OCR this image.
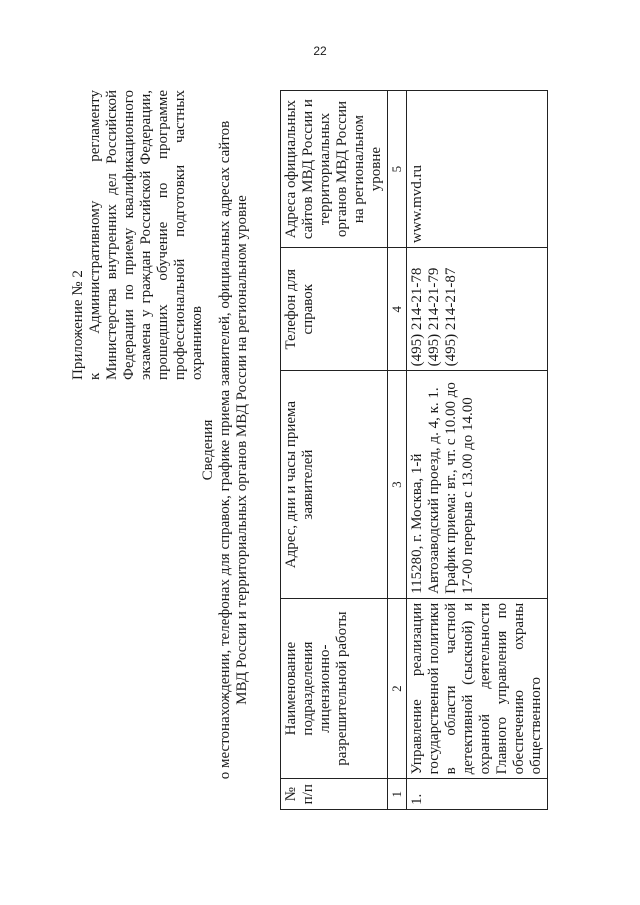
22
Приложение № 2 к Административному регламенту Министерства внутренних дел Российской Федерации по приему квалификационного экзамена у граждан Российской Федерации, прошедших обучение по программе профессиональной подготовки частных охранников
Сведения о местонахождении, телефонах для справок, графике приема заявителей, официальных адресах сайтов МВД России и территориальных органов МВД России на региональном уровне
№ п/п	Наименование подразделения лицензионно-разрешительной работы	Адрес, дни и часы приема заявителей	Телефон для справок	Адреса официальных сайтов МВД России и территориальных органов МВД России на региональном уровне
1	2	3	4	5
1.	Управление реализации государственной политики в области частной детективной (сыскной) и охранной деятельности Главного управления по обеспечению охраны общественного	115280, г. Москва, 1-й Автозаводский проезд, д. 4, к. 1. График приема: вт., чт. с 10.00 до 17-00 перерыв с 13.00 до 14.00	(495) 214-21-78 (495) 214-21-79 (495) 214-21-87	www.mvd.ru
